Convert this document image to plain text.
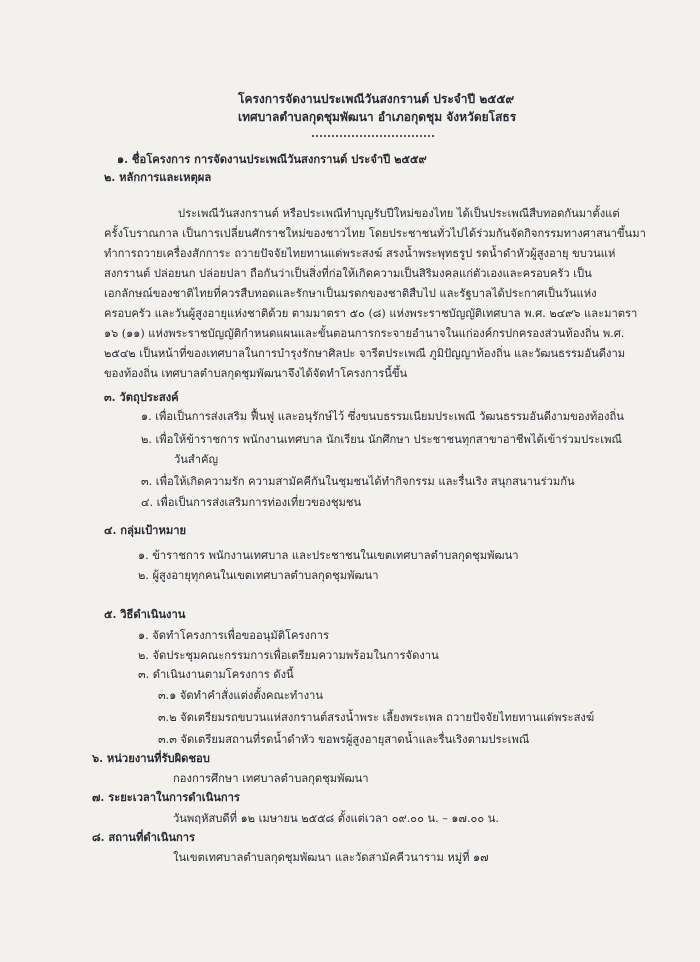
โครงการจัดงานประเพณีวันสงกรานต์ ประจำปี ๒๕๕๙
เทศบาลตำบลกุดชุมพัฒนา อำเภอกุดชุม จังหวัดยโสธร
๑. ชื่อโครงการ การจัดงานประเพณีวันสงกรานต์ ประจำปี ๒๕๕๙
๒. หลักการและเหตุผล
ประเพณีวันสงกรานต์ หรือประเพณีทำบุญรับปีใหม่ของไทย ได้เป็นประเพณีสืบทอดกันมาตั้งแต่
ครั้งโบราณกาล เป็นการเปลี่ยนศักราชใหม่ของชาวไทย โดยประชาชนทั่วไปได้ร่วมกันจัดกิจกรรมทางศาสนาขึ้นมา
ทำการถวายเครื่องสักการะ ถวายปัจจัยไทยทานแด่พระสงฆ์ สรงน้ำพระพุทธรูป รดน้ำดำหัวผู้สูงอายุ ขบวนแห่
สงกรานต์ ปล่อยนก ปล่อยปลา ถือกันว่าเป็นสิ่งที่ก่อให้เกิดความเป็นสิริมงคลแก่ตัวเองและครอบครัว เป็น
เอกลักษณ์ของชาติไทยที่ควรสืบทอดและรักษาเป็นมรดกของชาติสืบไป และรัฐบาลได้ประกาศเป็นวันแห่ง
ครอบครัว และวันผู้สูงอายุแห่งชาติด้วย ตามมาตรา ๕๐ (๘) แห่งพระราชบัญญัติเทศบาล พ.ศ. ๒๔๙๖ และมาตรา
๑๖ (๑๑) แห่งพระราชบัญญัติกำหนดแผนและขั้นตอนการกระจายอำนาจในแก่องค์กรปกครองส่วนท้องถิ่น พ.ศ.
๒๕๔๒ เป็นหน้าที่ของเทศบาลในการบำรุงรักษาศิลปะ จารีตประเพณี ภูมิปัญญาท้องถิ่น และวัฒนธรรมอันดีงาม
ของท้องถิ่น เทศบาลตำบลกุดชุมพัฒนาจึงได้จัดทำโครงการนี้ขึ้น
๓. วัตถุประสงค์
๑. เพื่อเป็นการส่งเสริม ฟื้นฟู และอนุรักษ์ไว้ ซึ่งขนบธรรมเนียมประเพณี วัฒนธรรมอันดีงามของท้องถิ่น
๒. เพื่อให้ข้าราชการ พนักงานเทศบาล นักเรียน นักศึกษา ประชาชนทุกสาขาอาชีพได้เข้าร่วมประเพณี
วันสำคัญ
๓. เพื่อให้เกิดความรัก ความสามัคคีกันในชุมชนได้ทำกิจกรรม และรื่นเริง สนุกสนานร่วมกัน
๔. เพื่อเป็นการส่งเสริมการท่องเที่ยวของชุมชน
๔. กลุ่มเป้าหมาย
๑. ข้าราชการ พนักงานเทศบาล และประชาชนในเขตเทศบาลตำบลกุดชุมพัฒนา
๒. ผู้สูงอายุทุกคนในเขตเทศบาลตำบลกุดชุมพัฒนา
๕. วิธีดำเนินงาน
๑. จัดทำโครงการเพื่อขออนุมัติโครงการ
๒. จัดประชุมคณะกรรมการเพื่อเตรียมความพร้อมในการจัดงาน
๓. ดำเนินงานตามโครงการ ดังนี้
๓.๑ จัดทำคำสั่งแต่งตั้งคณะทำงาน
๓.๒ จัดเตรียมรถขบวนแห่สงกรานต์สรงน้ำพระ เลี้ยงพระเพล ถวายปัจจัยไทยทานแด่พระสงฆ์
๓.๓ จัดเตรียมสถานที่รดน้ำดำหัว ขอพรผู้สูงอายุสาดน้ำและรื่นเริงตามประเพณี
๖. หน่วยงานที่รับผิดชอบ
กองการศึกษา เทศบาลตำบลกุดชุมพัฒนา
๗. ระยะเวลาในการดำเนินการ
วันพฤหัสบดีที่ ๑๒ เมษายน ๒๕๕๘ ตั้งแต่เวลา ๐๙.๐๐ น. – ๑๗.๐๐ น.
๘. สถานที่ดำเนินการ
ในเขตเทศบาลตำบลกุดชุมพัฒนา และวัดสามัคคีวนาราม หมู่ที่ ๑๗
